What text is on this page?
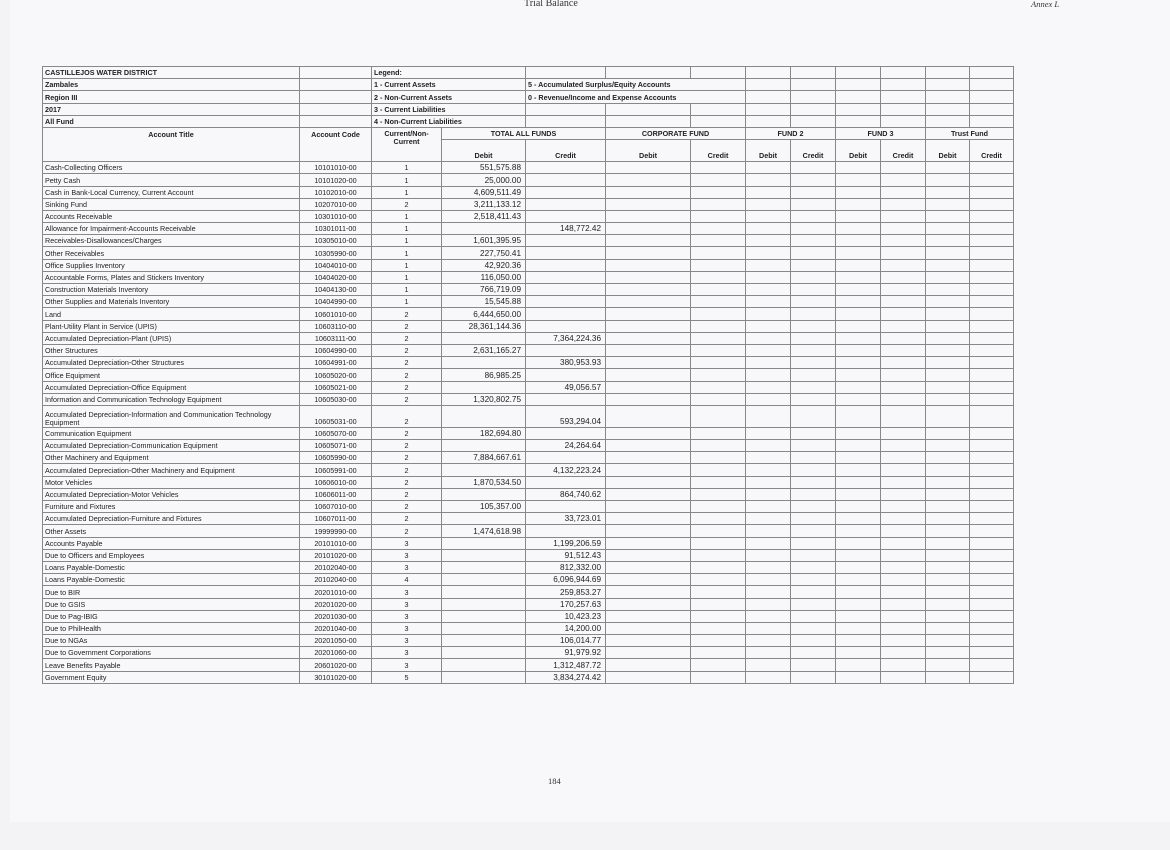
Trial Balance	Annex L
CASTILLEJOS WATER DISTRICT		Legend:										
Zambales		1 - Current Assets		5 - Accumulated Surplus/Equity Accounts								
Region III		2 - Non-Current Assets		0 - Revenue/Income and Expense Accounts								
2017		3 - Current Liabilities										
All Fund		4 - Non-Current Liabilities										
Account Title	Account Code	Current/Non-Current	TOTAL ALL FUNDS		CORPORATE FUND		FUND 2		FUND 3		Trust Fund	
			Debit	Credit	Debit	Credit	Debit	Credit	Debit	Credit	Debit	Credit
Cash-Collecting Officers	10101010-00	1	551,575.88									
Petty Cash	10101020-00	1	25,000.00									
Cash in Bank-Local Currency, Current Account	10102010-00	1	4,609,511.49									
Sinking Fund	10207010-00	2	3,211,133.12									
Accounts Receivable	10301010-00	1	2,518,411.43									
Allowance for Impairment-Accounts Receivable	10301011-00	1		148,772.42								
Receivables-Disallowances/Charges	10305010-00	1	1,601,395.95									
Other Receivables	10305990-00	1	227,750.41									
Office Supplies Inventory	10404010-00	1	42,920.36									
Accountable Forms, Plates and Stickers Inventory	10404020-00	1	116,050.00									
Construction Materials Inventory	10404130-00	1	766,719.09									
Other Supplies and Materials Inventory	10404990-00	1	15,545.88									
Land	10601010-00	2	6,444,650.00									
Plant-Utility Plant in Service (UPIS)	10603110-00	2	28,361,144.36									
Accumulated Depreciation-Plant (UPIS)	10603111-00	2		7,364,224.36								
Other Structures	10604990-00	2	2,631,165.27									
Accumulated Depreciation-Other Structures	10604991-00	2		380,953.93								
Office Equipment	10605020-00	2	86,985.25									
Accumulated Depreciation-Office Equipment	10605021-00	2		49,056.57								
Information and Communication Technology Equipment	10605030-00	2	1,320,802.75									
Accumulated Depreciation-Information and Communication Technology Equipment	10605031-00	2		593,294.04								
Communication Equipment	10605070-00	2	182,694.80									
Accumulated Depreciation-Communication Equipment	10605071-00	2		24,264.64								
Other Machinery and Equipment	10605990-00	2	7,884,667.61									
Accumulated Depreciation-Other Machinery and Equipment	10605991-00	2		4,132,223.24								
Motor Vehicles	10606010-00	2	1,870,534.50									
Accumulated Depreciation-Motor Vehicles	10606011-00	2		864,740.62								
Furniture and Fixtures	10607010-00	2	105,357.00									
Accumulated Depreciation-Furniture and Fixtures	10607011-00	2		33,723.01								
Other Assets	19999990-00	2	1,474,618.98									
Accounts Payable	20101010-00	3		1,199,206.59								
Due to Officers and Employees	20101020-00	3		91,512.43								
Loans Payable-Domestic	20102040-00	3		812,332.00								
Loans Payable-Domestic	20102040-00	4		6,096,944.69								
Due to BIR	20201010-00	3		259,853.27								
Due to GSIS	20201020-00	3		170,257.63								
Due to Pag-IBIG	20201030-00	3		10,423.23								
Due to PhilHealth	20201040-00	3		14,200.00								
Due to NGAs	20201050-00	3		106,014.77								
Due to Government Corporations	20201060-00	3		91,979.92								
Leave Benefits Payable	20601020-00	3		1,312,487.72								
Government Equity	30101020-00	5		3,834,274.42								
184
